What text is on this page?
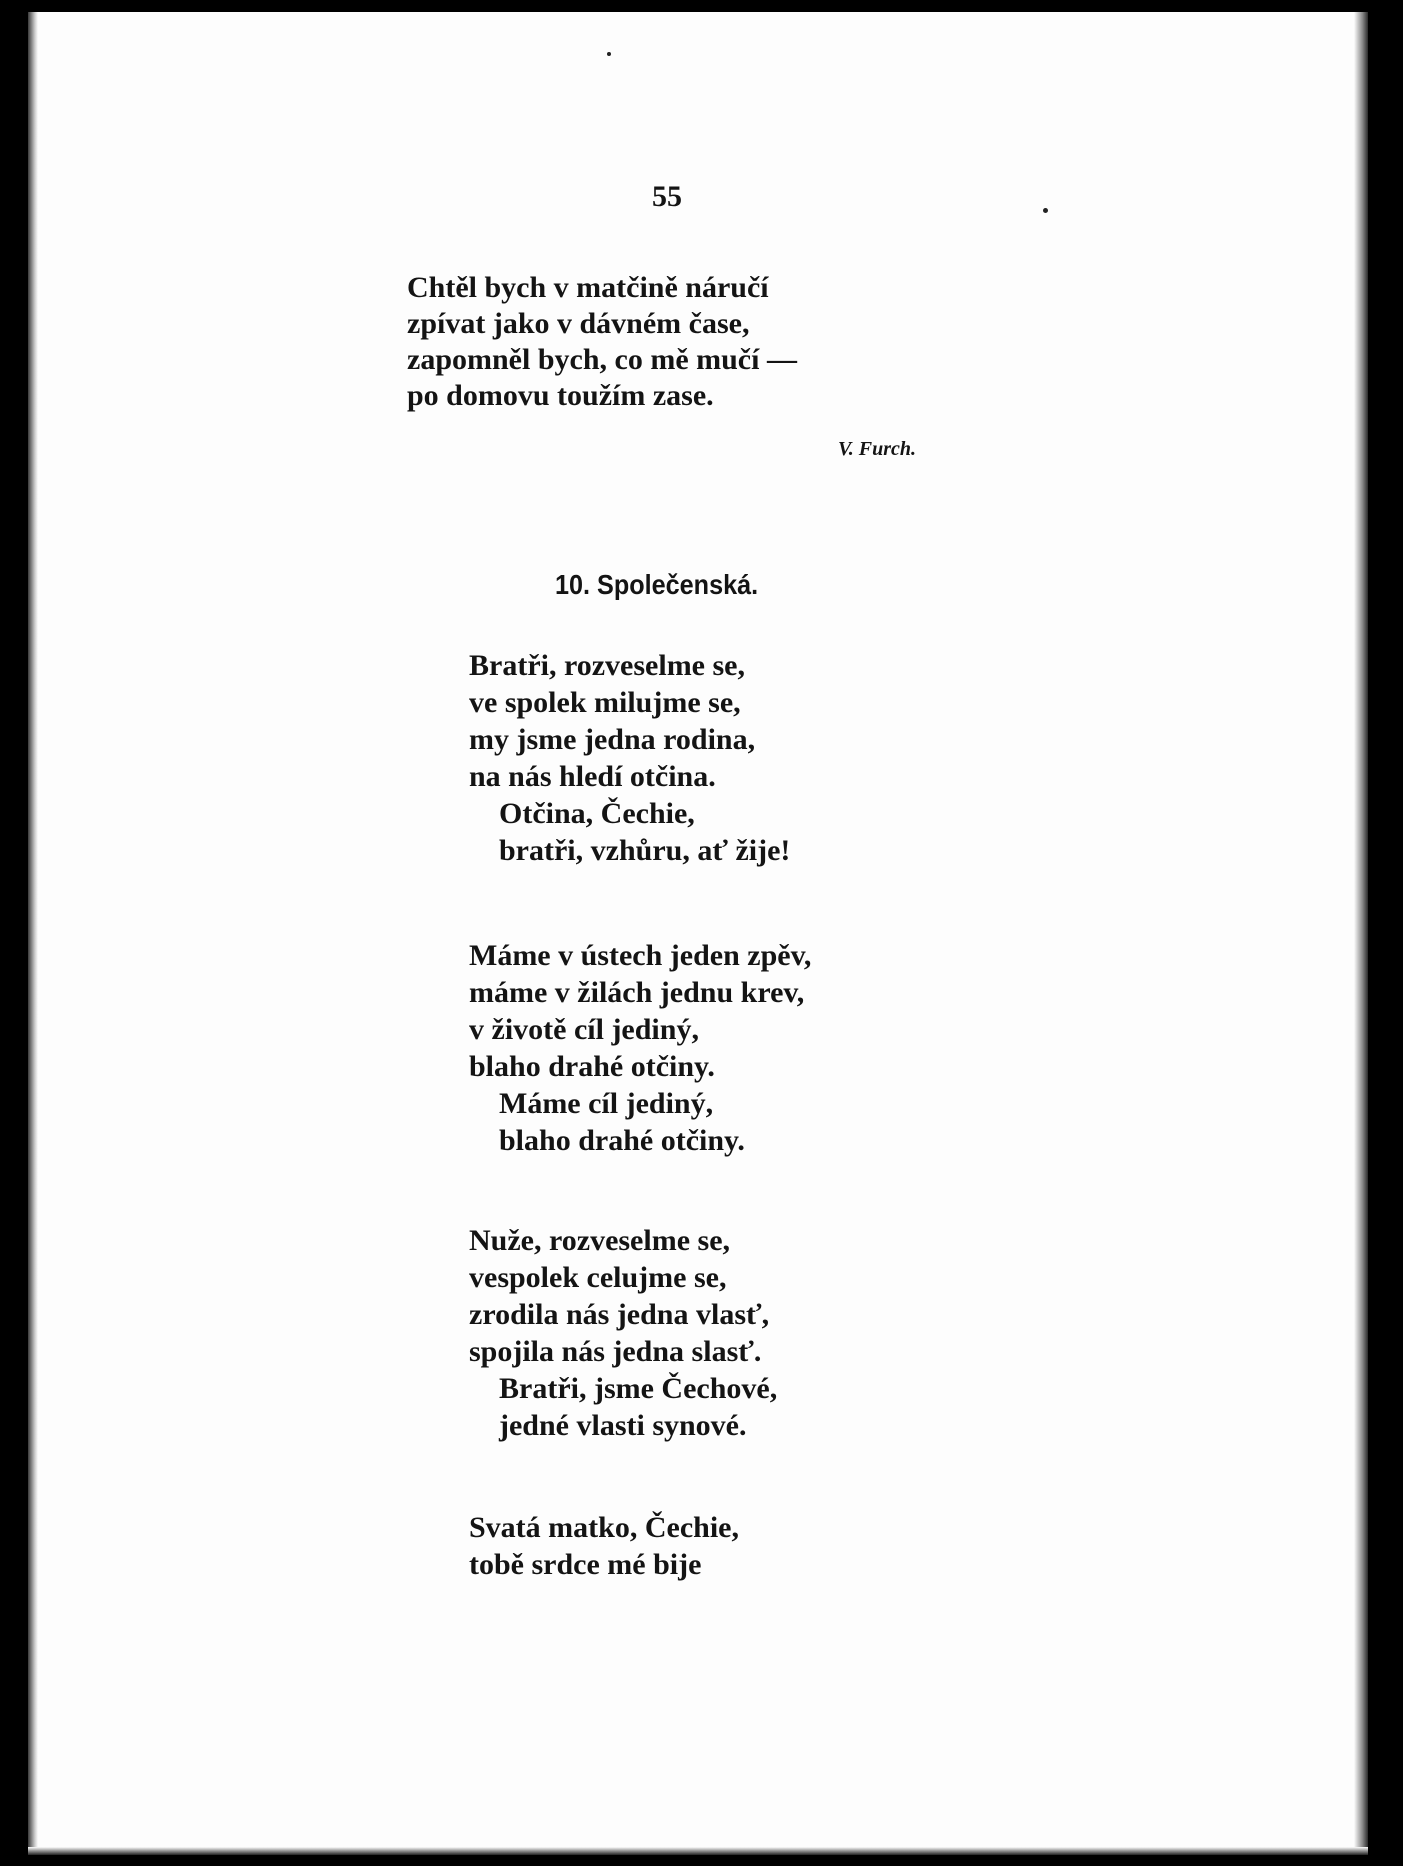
55
Chtěl bych v matčině náručí
zpívat jako v dávném čase,
zapomněl bych, co mě mučí —
po domovu toužím zase.
V. Furch.
10. Společenská.
Bratři, rozveselme se,
ve spolek milujme se,
my jsme jedna rodina,
na nás hledí otčina.
Otčina, Čechie,
bratři, vzhůru, ať žije!
Máme v ústech jeden zpěv,
máme v žilách jednu krev,
v životě cíl jediný,
blaho drahé otčiny.
Máme cíl jediný,
blaho drahé otčiny.
Nuže, rozveselme se,
vespolek celujme se,
zrodila nás jedna vlasť,
spojila nás jedna slasť.
Bratři, jsme Čechové,
jedné vlasti synové.
Svatá matko, Čechie,
tobě srdce mé bije
